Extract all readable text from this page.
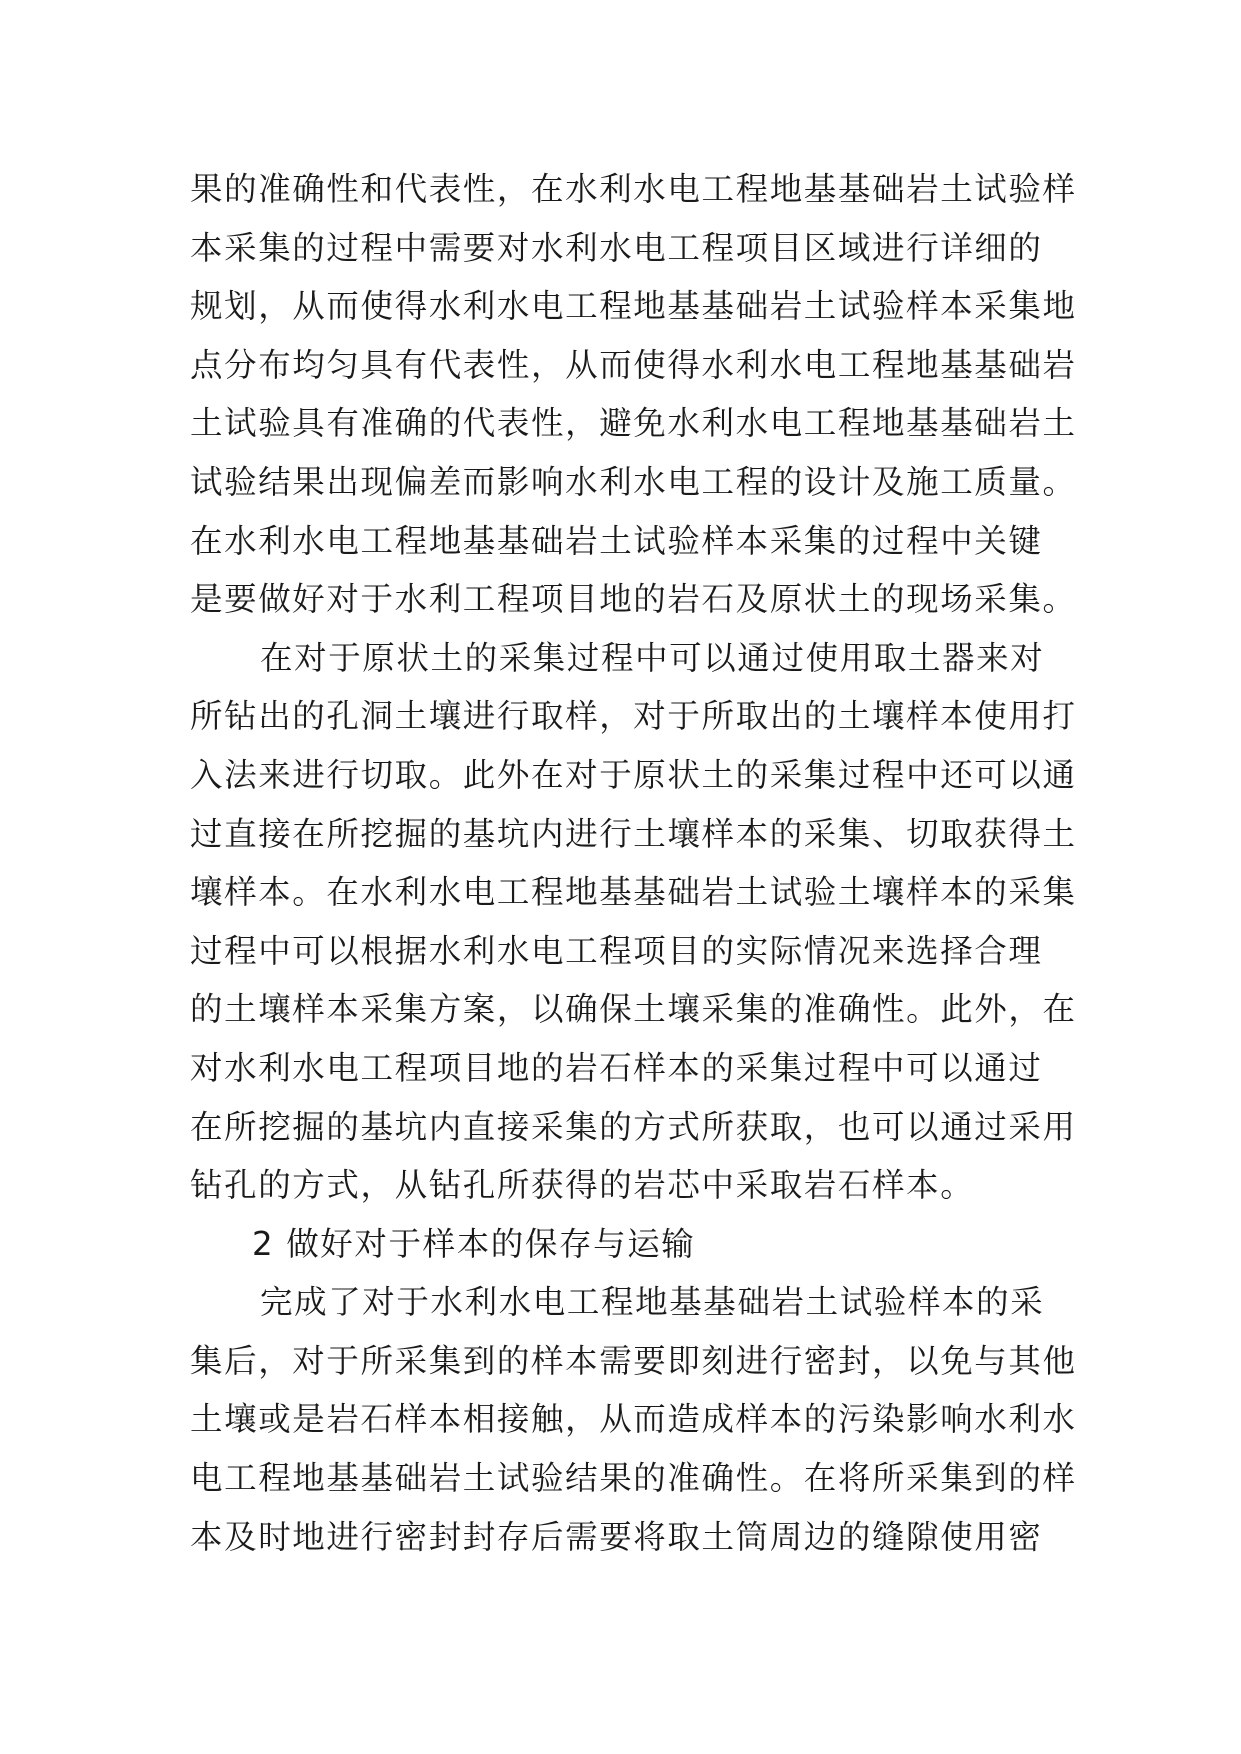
果的准确性和代表性，在水利水电工程地基基础岩土试验样
本采集的过程中需要对水利水电工程项目区域进行详细的
规划，从而使得水利水电工程地基基础岩土试验样本采集地
点分布均匀具有代表性，从而使得水利水电工程地基基础岩
土试验具有准确的代表性，避免水利水电工程地基基础岩土
试验结果出现偏差而影响水利水电工程的设计及施工质量。
在水利水电工程地基基础岩土试验样本采集的过程中关键
是要做好对于水利工程项目地的岩石及原状土的现场采集。
在对于原状土的采集过程中可以通过使用取土器来对
所钻出的孔洞土壤进行取样，对于所取出的土壤样本使用打
入法来进行切取。此外在对于原状土的采集过程中还可以通
过直接在所挖掘的基坑内进行土壤样本的采集、切取获得土
壤样本。在水利水电工程地基基础岩土试验土壤样本的采集
过程中可以根据水利水电工程项目的实际情况来选择合理
的土壤样本采集方案，以确保土壤采集的准确性。此外，在
对水利水电工程项目地的岩石样本的采集过程中可以通过
在所挖掘的基坑内直接采集的方式所获取，也可以通过采用
钻孔的方式，从钻孔所获得的岩芯中采取岩石样本。
2 做好对于样本的保存与运输
完成了对于水利水电工程地基基础岩土试验样本的采
集后，对于所采集到的样本需要即刻进行密封，以免与其他
土壤或是岩石样本相接触，从而造成样本的污染影响水利水
电工程地基基础岩土试验结果的准确性。在将所采集到的样
本及时地进行密封封存后需要将取土筒周边的缝隙使用密
